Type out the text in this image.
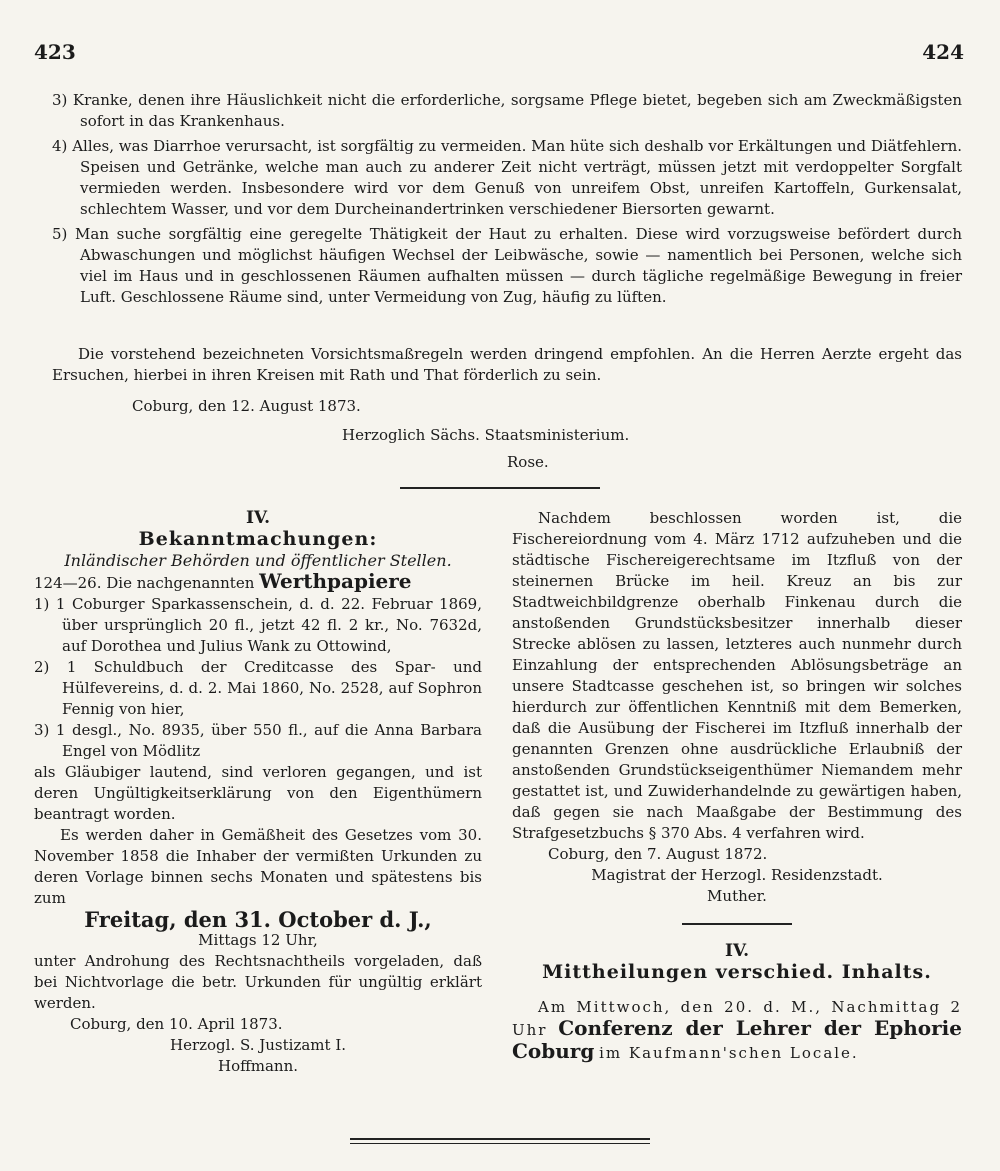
423	424

3) Kranke, denen ihre Häuslichkeit nicht die erforderliche, sorgsame Pflege bietet, begeben sich am Zweckmäßigsten sofort in das Krankenhaus.

4) Alles, was Diarrhoe verursacht, ist sorgfältig zu vermeiden. Man hüte sich deshalb vor Erkältungen und Diätfehlern. Speisen und Getränke, welche man auch zu anderer Zeit nicht verträgt, müssen jetzt mit verdoppelter Sorgfalt vermieden werden. Insbesondere wird vor dem Genuß von unreifem Obst, unreifen Kartoffeln, Gurkensalat, schlechtem Wasser, und vor dem Durcheinandertrinken verschiedener Biersorten gewarnt.

5) Man suche sorgfältig eine geregelte Thätigkeit der Haut zu erhalten. Diese wird vorzugsweise befördert durch Abwaschungen und möglichst häufigen Wechsel der Leibwäsche, sowie — namentlich bei Personen, welche sich viel im Haus und in geschlossenen Räumen aufhalten müssen — durch tägliche regelmäßige Bewegung in freier Luft. Geschlossene Räume sind, unter Vermeidung von Zug, häufig zu lüften.

Die vorstehend bezeichneten Vorsichtsmaßregeln werden dringend empfohlen. An die Herren Aerzte ergeht das Ersuchen, hierbei in ihren Kreisen mit Rath und That förderlich zu sein.

Coburg, den 12. August 1873.

Herzoglich Sächs. Staatsministerium.

Rose.

IV.

Bekanntmachungen:

Inländischer Behörden und öffentlicher Stellen.

124—26. Die nachgenannten Werthpapiere

1) 1 Coburger Sparkassenschein, d. d. 22. Februar 1869, über ursprünglich 20 fl., jetzt 42 fl. 2 kr., No. 7632d, auf Dorothea und Julius Wank zu Ottowind,

2) 1 Schuldbuch der Creditcasse des Spar- und Hülfevereins, d. d. 2. Mai 1860, No. 2528, auf Sophron Fennig von hier,

3) 1 desgl., No. 8935, über 550 fl., auf die Anna Barbara Engel von Mödlitz

als Gläubiger lautend, sind verloren gegangen, und ist deren Ungültigkeitserklärung von den Eigenthümern beantragt worden.

Es werden daher in Gemäßheit des Gesetzes vom 30. November 1858 die Inhaber der vermißten Urkunden zu deren Vorlage binnen sechs Monaten und spätestens bis zum

Freitag, den 31. October d. J.,

Mittags 12 Uhr,

unter Androhung des Rechtsnachtheils vorgeladen, daß bei Nichtvorlage die betr. Urkunden für ungültig erklärt werden.

Coburg, den 10. April 1873.

Herzogl. S. Justizamt I.

Hoffmann.

Nachdem beschlossen worden ist, die Fischereiordnung vom 4. März 1712 aufzuheben und die städtische Fischereigerechtsame im Itzfluß von der steinernen Brücke im heil. Kreuz an bis zur Stadtweichbildgrenze oberhalb Finkenau durch die anstoßenden Grundstücksbesitzer innerhalb dieser Strecke ablösen zu lassen, letzteres auch nunmehr durch Einzahlung der entsprechenden Ablösungsbeträge an unsere Stadtcasse geschehen ist, so bringen wir solches hierdurch zur öffentlichen Kenntniß mit dem Bemerken, daß die Ausübung der Fischerei im Itzfluß innerhalb der genannten Grenzen ohne ausdrückliche Erlaubniß der anstoßenden Grundstückseigenthümer Niemandem mehr gestattet ist, und Zuwiderhandelnde zu gewärtigen haben, daß gegen sie nach Maaßgabe der Bestimmung des Strafgesetzbuchs § 370 Abs. 4 verfahren wird.

Coburg, den 7. August 1872.

Magistrat der Herzogl. Residenzstadt.

Muther.

IV.

Mittheilungen verschied. Inhalts.

Am Mittwoch, den 20. d. M., Nachmittag 2 Uhr Conferenz der Lehrer der Ephorie Coburg im Kaufmann'schen Locale.
